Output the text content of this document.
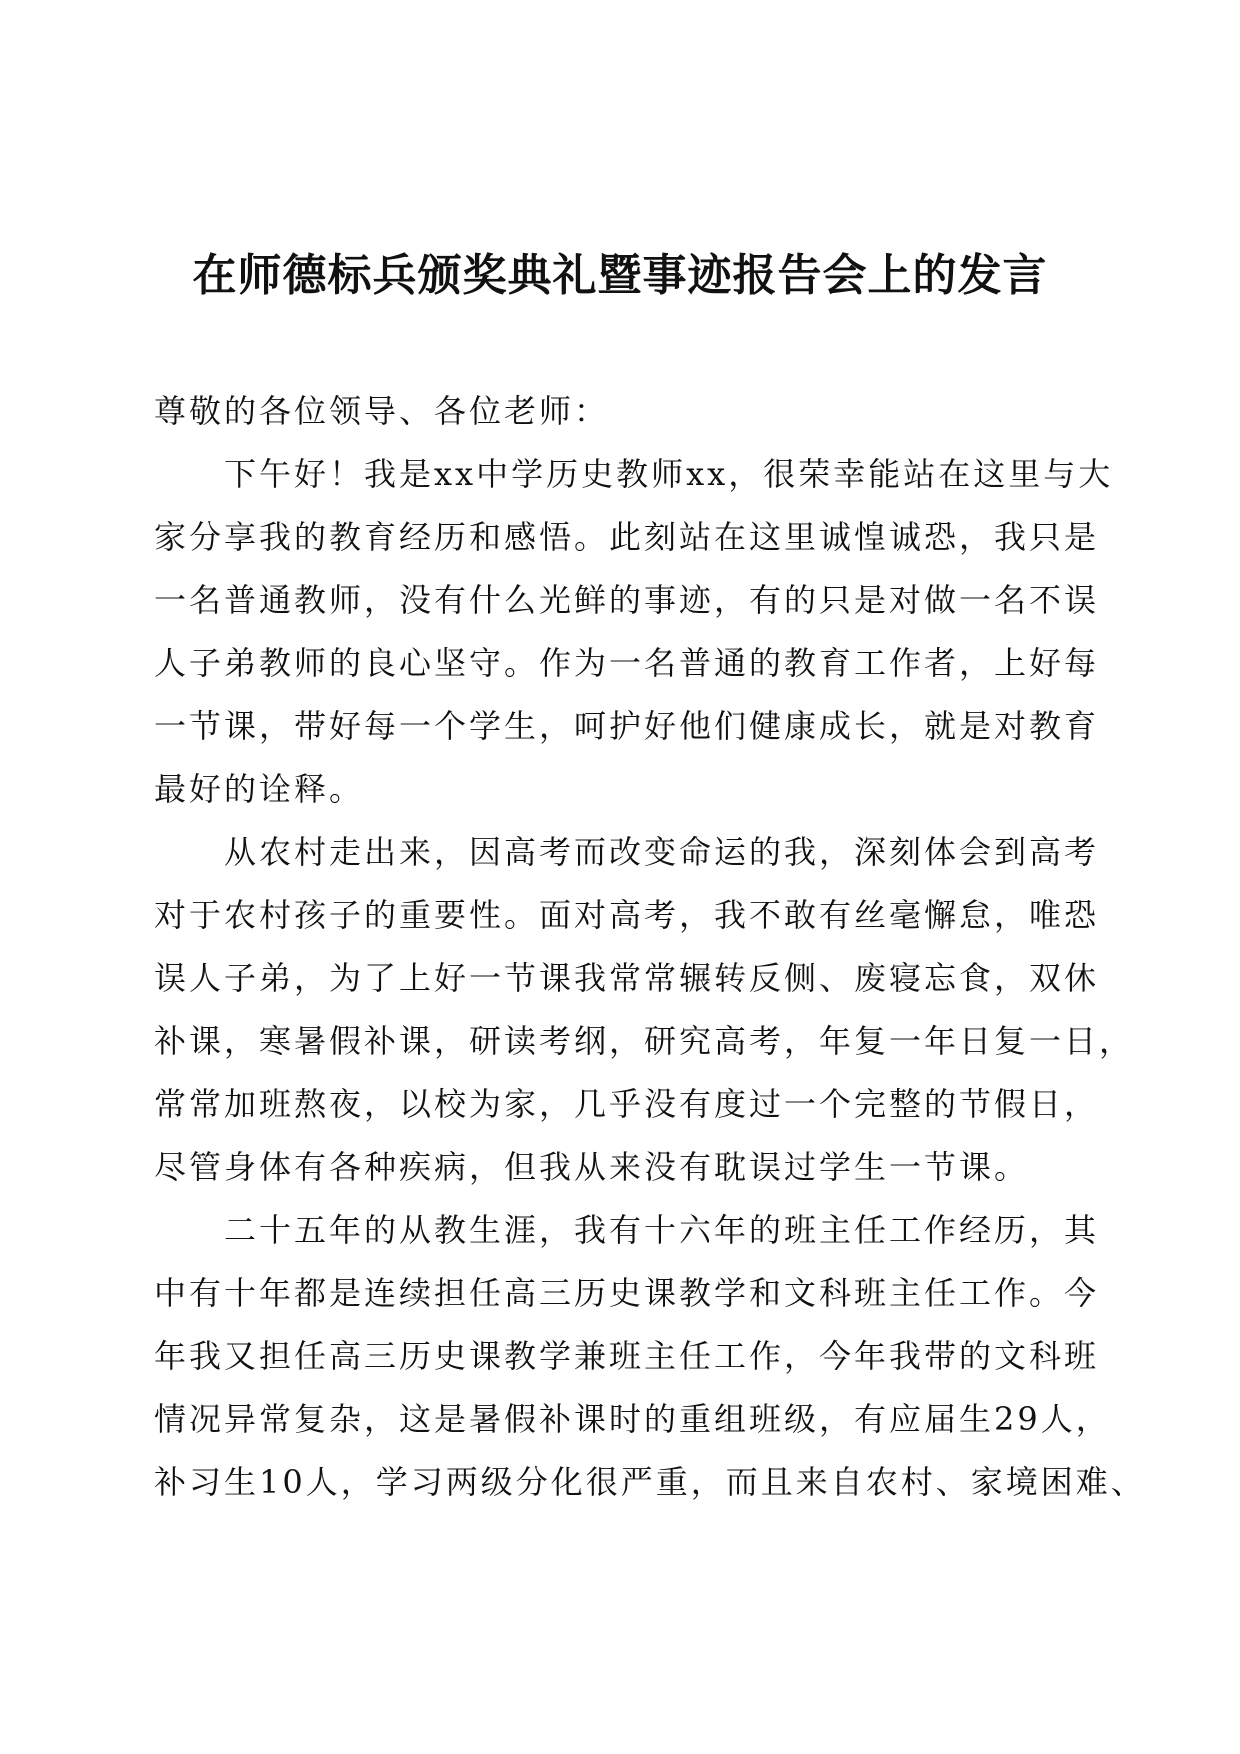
在师德标兵颁奖典礼暨事迹报告会上的发言
尊敬的各位领导、各位老师：
　　下午好！我是xx中学历史教师xx，很荣幸能站在这里与大
家分享我的教育经历和感悟。此刻站在这里诚惶诚恐，我只是
一名普通教师，没有什么光鲜的事迹，有的只是对做一名不误
人子弟教师的良心坚守。作为一名普通的教育工作者，上好每
一节课，带好每一个学生，呵护好他们健康成长，就是对教育
最好的诠释。
　　从农村走出来，因高考而改变命运的我，深刻体会到高考
对于农村孩子的重要性。面对高考，我不敢有丝毫懈怠，唯恐
误人子弟，为了上好一节课我常常辗转反侧、废寝忘食，双休
补课，寒暑假补课，研读考纲，研究高考，年复一年日复一日，
常常加班熬夜，以校为家，几乎没有度过一个完整的节假日，
尽管身体有各种疾病，但我从来没有耽误过学生一节课。
　　二十五年的从教生涯，我有十六年的班主任工作经历，其
中有十年都是连续担任高三历史课教学和文科班主任工作。今
年我又担任高三历史课教学兼班主任工作，今年我带的文科班
情况异常复杂，这是暑假补课时的重组班级，有应届生29人，
补习生10人，学习两级分化很严重，而且来自农村、家境困难、
